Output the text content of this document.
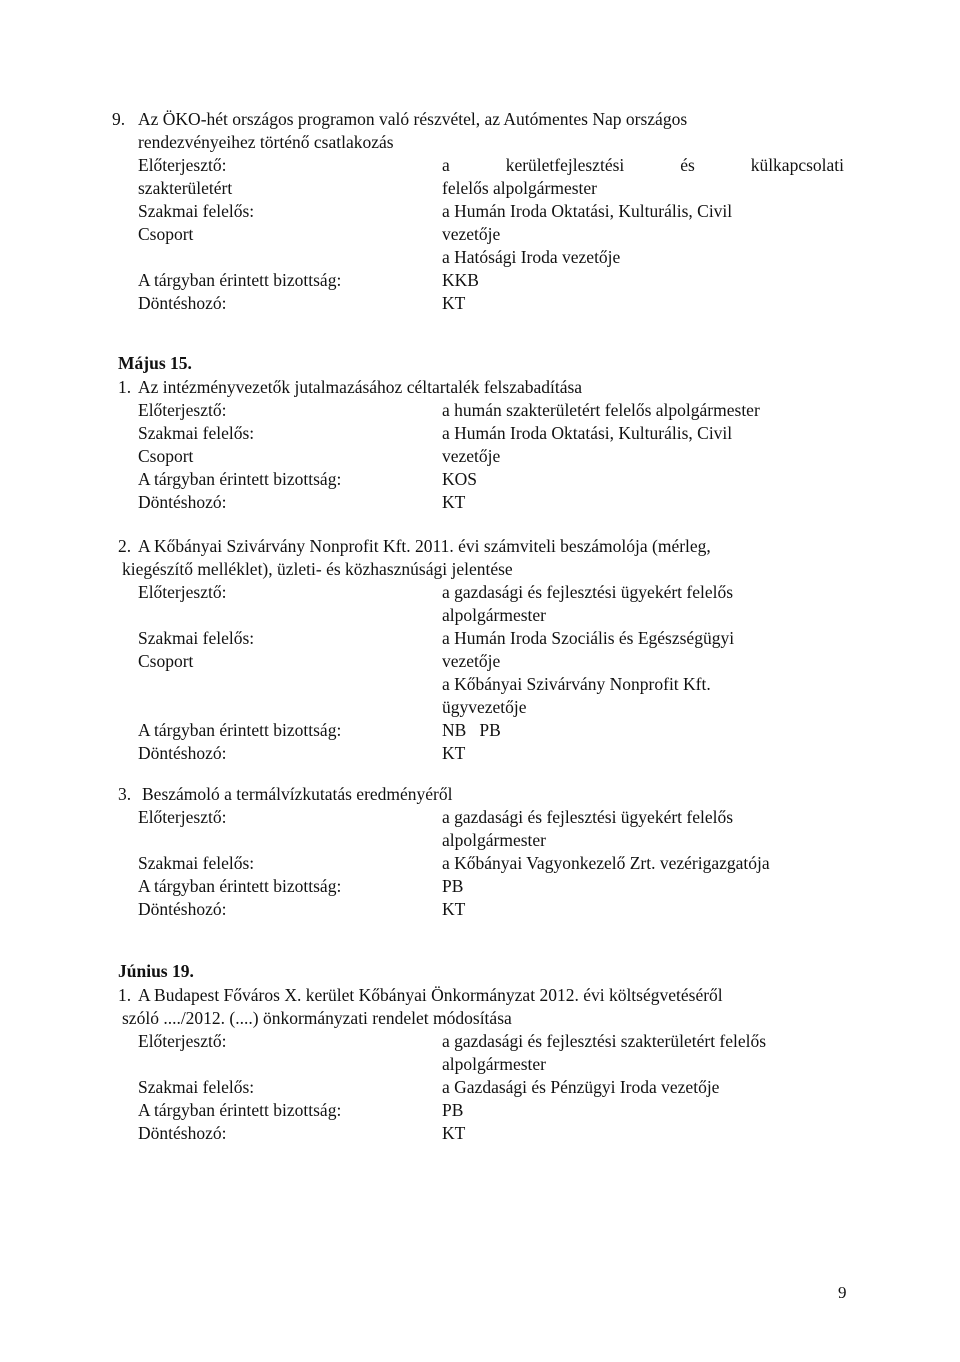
9. Az ÖKO-hét országos programon való részvétel, az Autómentes Nap országos
rendezvényeihez történő csatlakozás
Előterjesztő:	a	kerületfejlesztési	és	külkapcsolati
szakterületért	felelős alpolgármester
Szakmai felelős:	a Humán Iroda Oktatási, Kulturális, Civil
Csoport	vezetője
a Hatósági Iroda vezetője
A tárgyban érintett bizottság:	KKB
Döntéshozó:	KT
Május 15.
1. Az intézményvezetők jutalmazásához céltartalék felszabadítása
Előterjesztő:	a humán szakterületért felelős alpolgármester
Szakmai felelős:	a Humán Iroda Oktatási, Kulturális, Civil
Csoport	vezetője
A tárgyban érintett bizottság:	KOS
Döntéshozó:	KT
2. A Kőbányai Szivárvány Nonprofit Kft. 2011. évi számviteli beszámolója (mérleg,
kiegészítő melléklet), üzleti- és közhasznúsági jelentése
Előterjesztő:	a gazdasági és fejlesztési ügyekért felelős
alpolgármester
Szakmai felelős:	a Humán Iroda Szociális és Egészségügyi
Csoport	vezetője
a Kőbányai Szivárvány Nonprofit Kft.
ügyvezetője
A tárgyban érintett bizottság:	NB   PB
Döntéshozó:	KT
3. Beszámoló a termálvízkutatás eredményéről
Előterjesztő:	a gazdasági és fejlesztési ügyekért felelős
alpolgármester
Szakmai felelős:	a Kőbányai Vagyonkezelő Zrt. vezérigazgatója
A tárgyban érintett bizottság:	PB
Döntéshozó:	KT
Június 19.
1. A Budapest Főváros X. kerület Kőbányai Önkormányzat 2012. évi költségvetéséről
szóló ..../2012. (....) önkormányzati rendelet módosítása
Előterjesztő:	a gazdasági és fejlesztési szakterületért felelős
alpolgármester
Szakmai felelős:	a Gazdasági és Pénzügyi Iroda vezetője
A tárgyban érintett bizottság:	PB
Döntéshozó:	KT
9
